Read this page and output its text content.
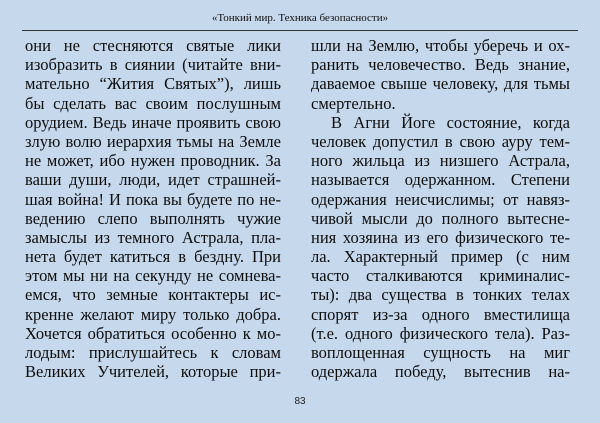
«Тонкий мир. Техника безопасности»
они не стесняются святые лики
изобразить в сиянии (читайте вни-
мательно “Жития Святых”), лишь
бы сделать вас своим послушным
орудием. Ведь иначе проявить свою
злую волю иерархия тьмы на Земле
не может, ибо нужен проводник. За
ваши души, люди, идет страшней-
шая война! И пока вы будете по не-
ведению слепо выполнять чужие
замыслы из темного Астрала, пла-
нета будет катиться в бездну. При
этом мы ни на секунду не сомнева-
емся, что земные контактеры ис-
кренне желают миру только добра.
Хочется обратиться особенно к мо-
лодым: прислушайтесь к словам
Великих Учителей, которые при-
шли на Землю, чтобы уберечь и ох-
ранить человечество. Ведь знание,
даваемое свыше человеку, для тьмы
смертельно.
В Агни Йоге состояние, когда
человек допустил в свою ауру тем-
ного жильца из низшего Астрала,
называется одержанном. Степени
одержания неисчислимы; от навяз-
чивой мысли до полного вытесне-
ния хозяина из его физического те-
ла. Характерный пример (с ним
часто сталкиваются криминалис-
ты): два существа в тонких телах
спорят из-за одного вместилища
(т.е. одного физического тела). Раз-
воплощенная сущность на миг
одержала победу, вытеснив на-
83
